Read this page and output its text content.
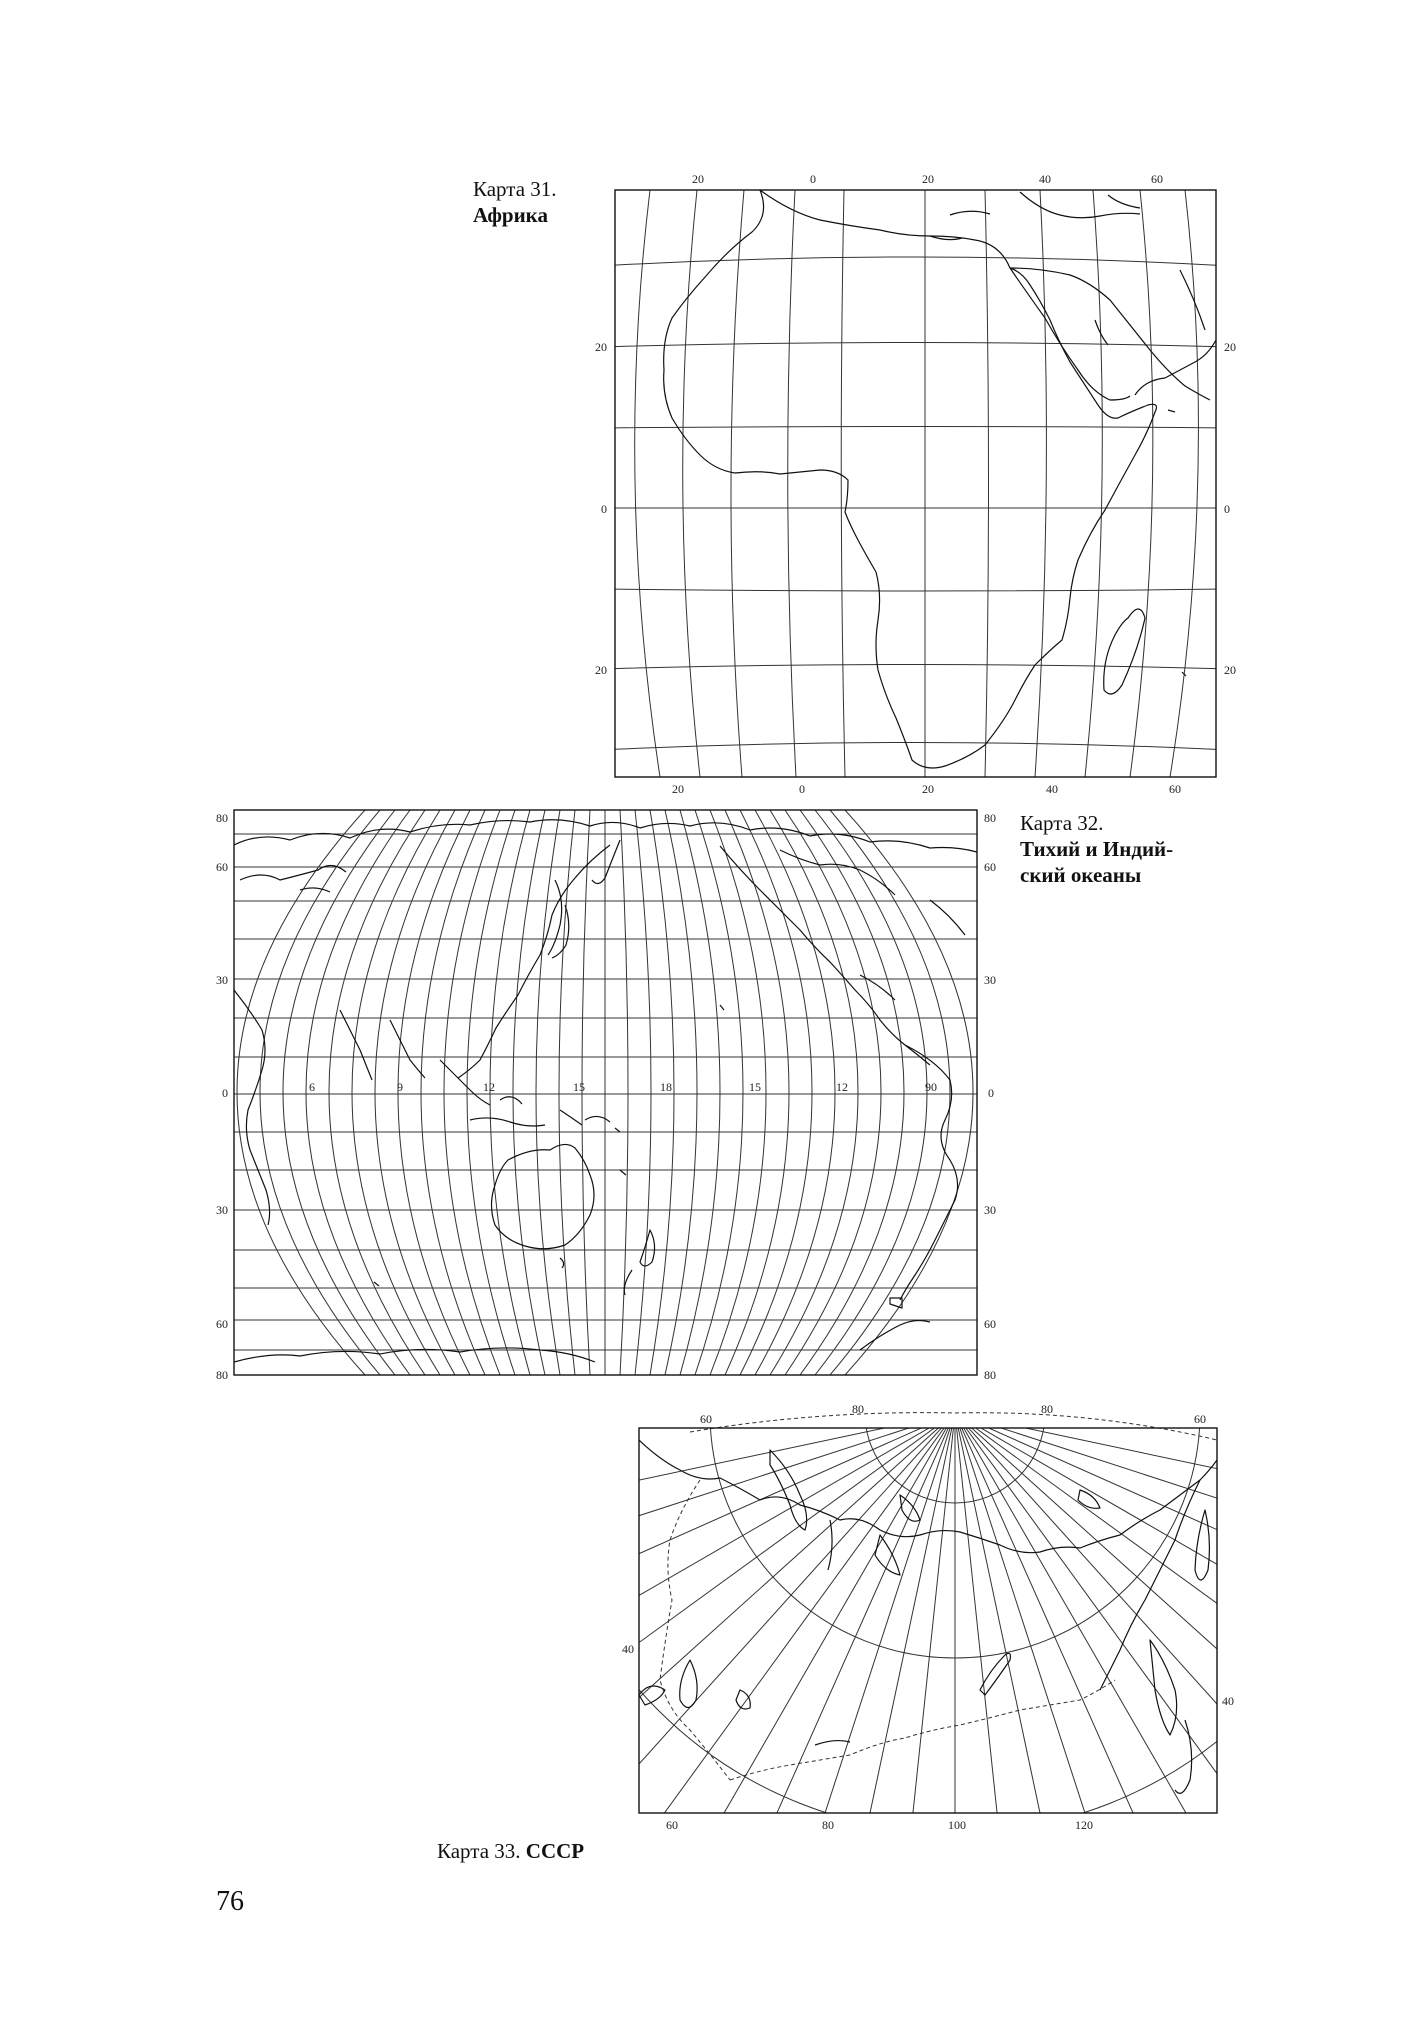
Карта 31.
Африка
Карта 32.
Тихий и Индий-
ский океаны
Карта 33. СССР
76
20	0	20	40	60
20	0	20	40	60
20
0
20
20
0
20
80
60
30
0
30
60
80
80
60
30
0
30
60
80
6	9	12	15	18	15	12	90
60
80	80
60
60	80	100	120
40
40
